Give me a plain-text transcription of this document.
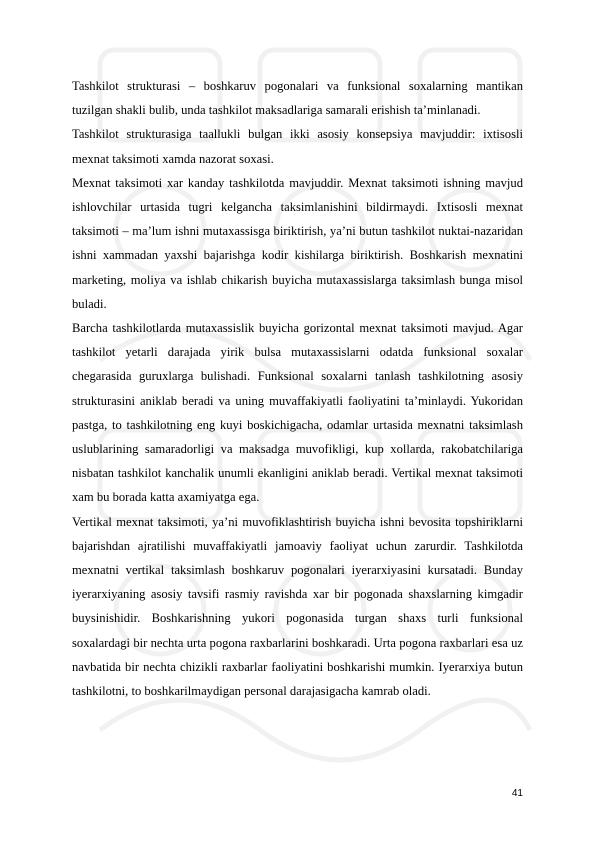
Tashkilot strukturasi – boshkaruv pogonalari va funksional soxalarning mantikan tuzilgan shakli bulib, unda tashkilot maksadlariga samarali erishish ta’minlanadi.

Tashkilot strukturasiga taallukli bulgan ikki asosiy konsepsiya mavjuddir: ixtisosli mexnat taksimoti xamda nazorat soxasi.

Mexnat taksimoti xar kanday tashkilotda mavjuddir. Mexnat taksimoti ishning mavjud ishlovchilar urtasida tugri kelgancha taksimlanishini bildirmaydi. Ixtisosli mexnat taksimoti – ma’lum ishni mutaxassisga biriktirish, ya’ni butun tashkilot nuktai-nazaridan ishni xammadan yaxshi bajarishga kodir kishilarga biriktirish. Boshkarish mexnatini marketing, moliya va ishlab chikarish buyicha mutaxassislarga taksimlash bunga misol buladi.

Barcha tashkilotlarda mutaxassislik buyicha gorizontal mexnat taksimoti mavjud. Agar tashkilot yetarli darajada yirik bulsa mutaxassislarni odatda funksional soxalar chegarasida guruxlarga bulishadi. Funksional soxalarni tanlash tashkilotning asosiy strukturasini aniklab beradi va uning muvaffakiyatli faoliyatini ta’minlaydi. Yukoridan pastga, to tashkilotning eng kuyi boskichigacha, odamlar urtasida mexnatni taksimlash uslublarining samaradorligi va maksadga muvofikligi, kup xollarda, rakobatchilariga nisbatan tashkilot kanchalik unumli ekanligini aniklab beradi. Vertikal mexnat taksimoti xam bu borada katta axamiyatga ega.

Vertikal mexnat taksimoti, ya’ni muvofiklashtirish buyicha ishni bevosita topshiriklarni bajarishdan ajratilishi muvaffakiyatli jamoaviy faoliyat uchun zarurdir. Tashkilotda mexnatni vertikal taksimlash boshkaruv pogonalari iyerarxiyasini kursatadi. Bunday iyerarxiyaning asosiy tavsifi rasmiy ravishda xar bir pogonada shaxslarning kimgadir buysinishidir. Boshkarishning yukori pogonasida turgan shaxs turli funksional soxalardagi bir nechta urta pogona raxbarlarini boshkaradi. Urta pogona raxbarlari esa uz navbatida bir nechta chizikli raxbarlar faoliyatini boshkarishi mumkin. Iyerarxiya butun tashkilotni, to boshkarilmaydigan personal darajasigacha kamrab oladi.

41
